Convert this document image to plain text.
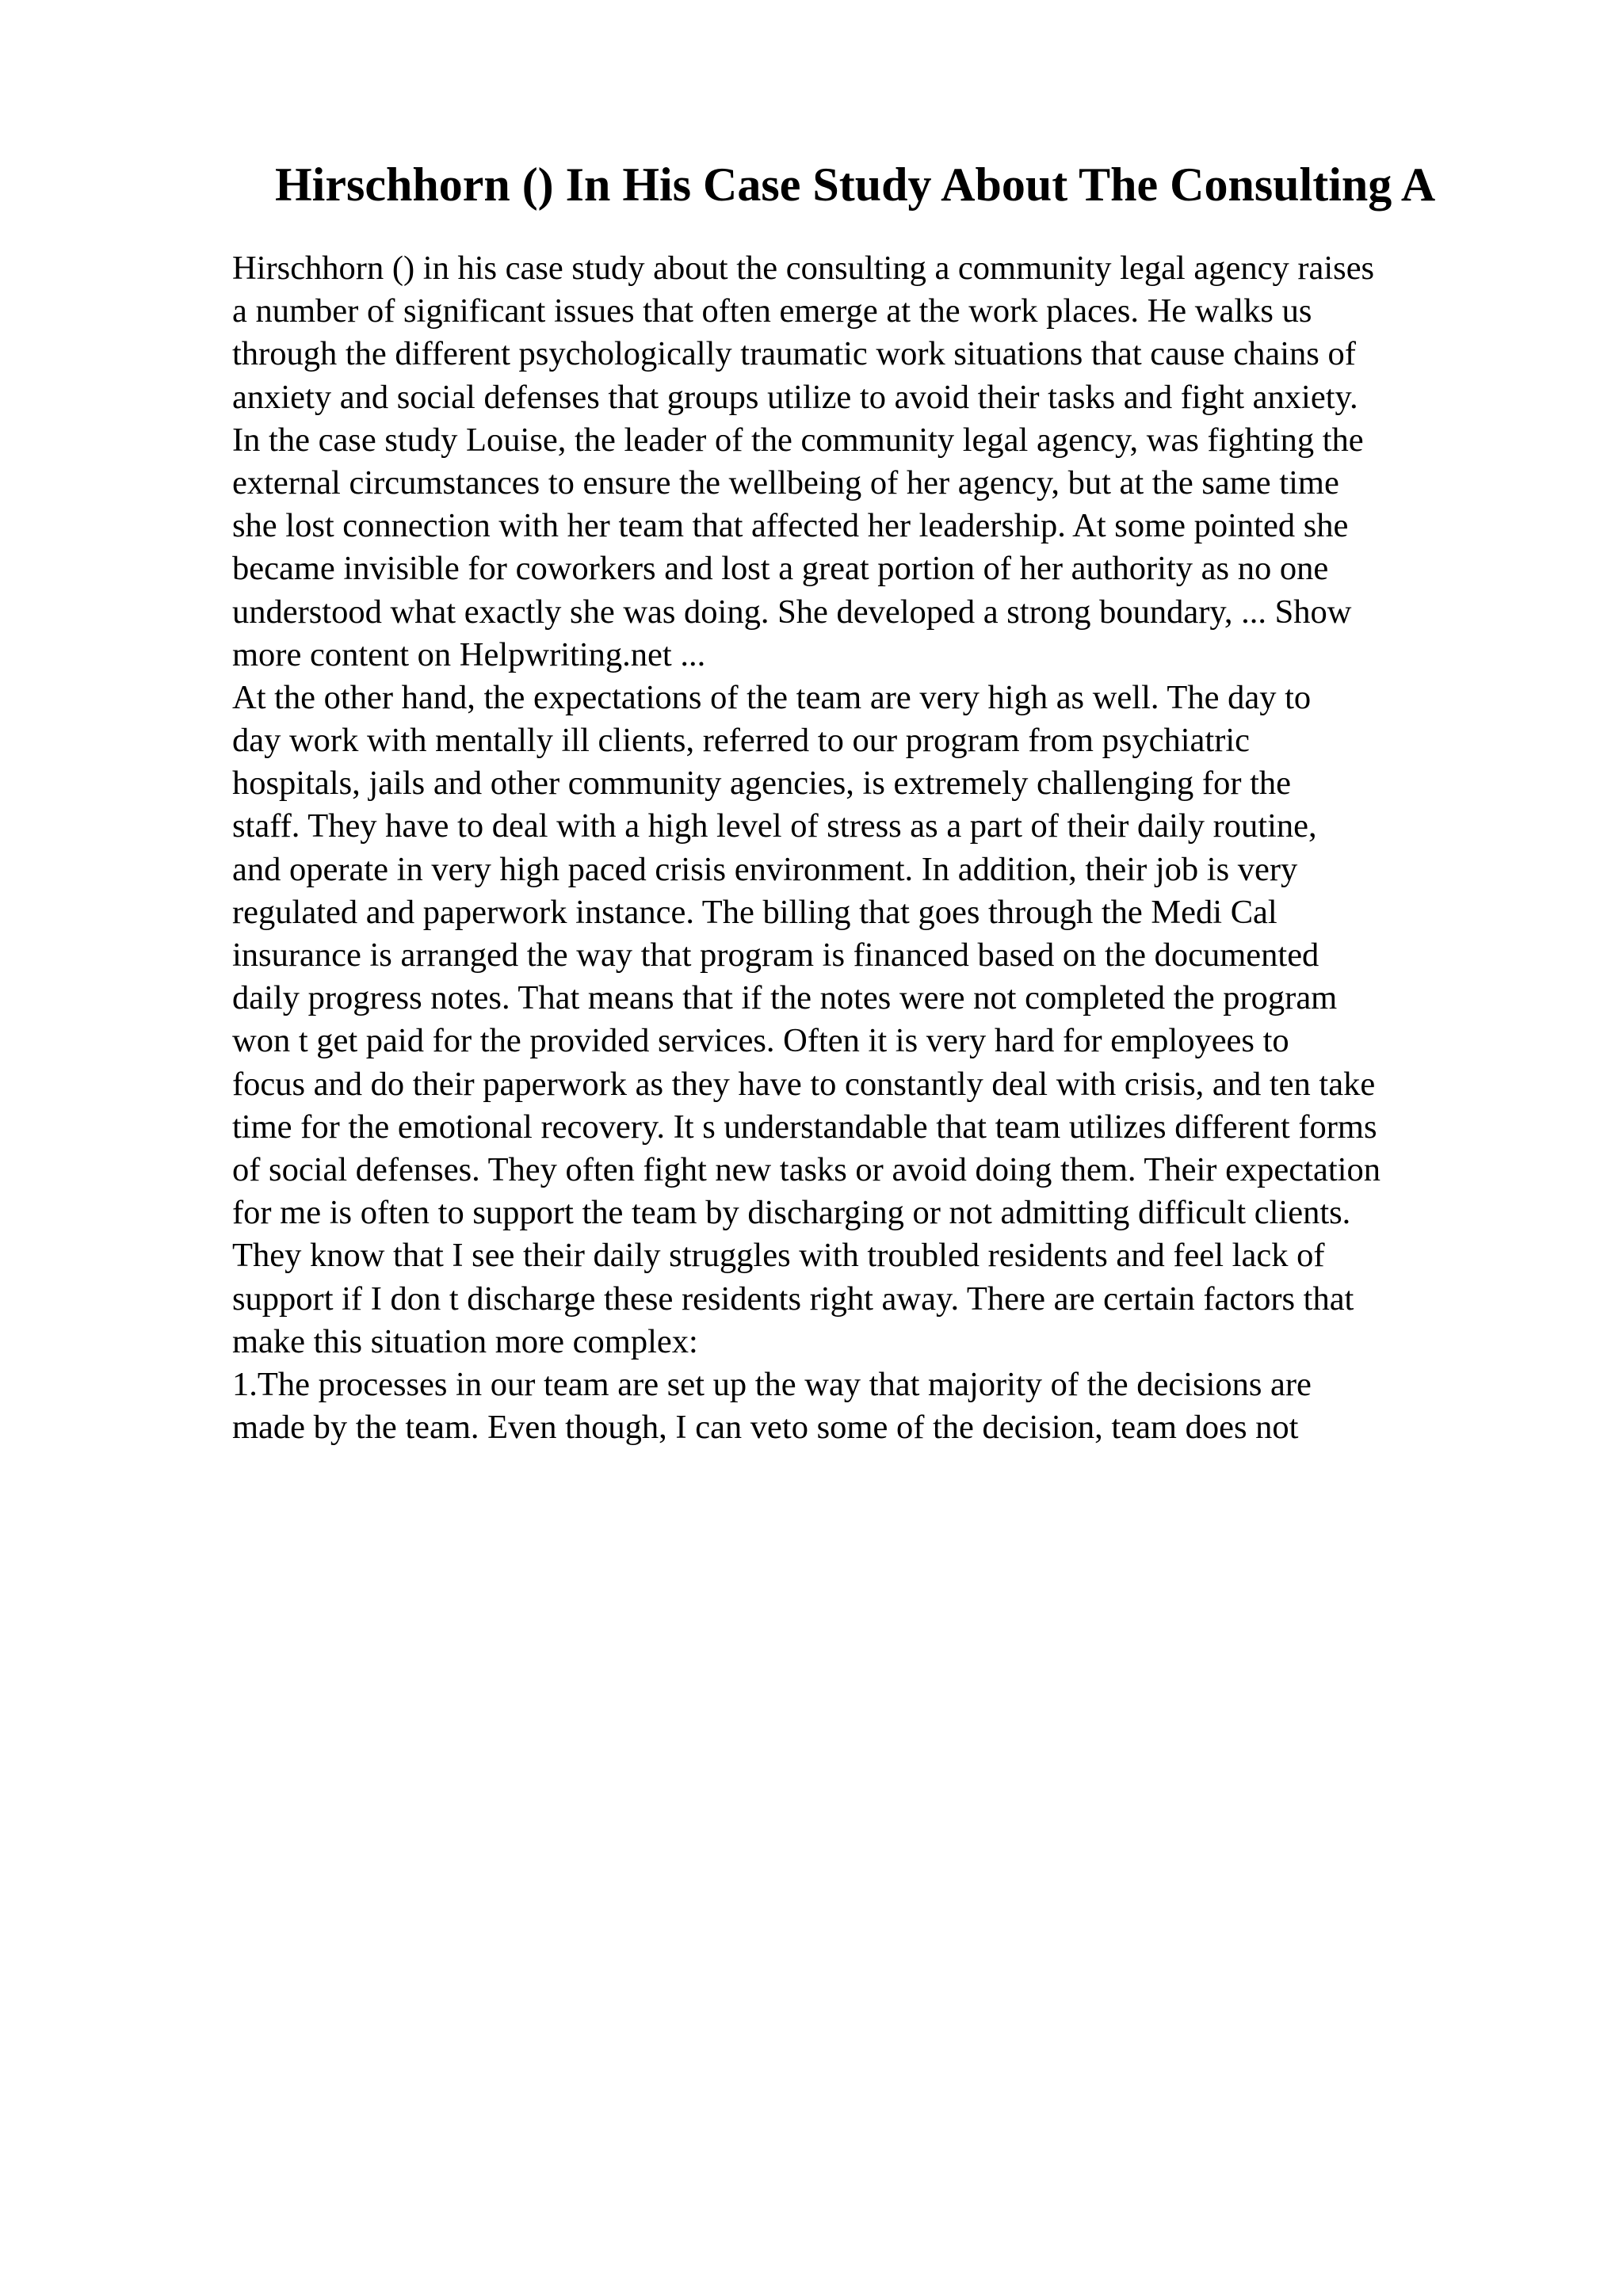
Hirschhorn () In His Case Study About The Consulting A
Hirschhorn () in his case study about the consulting a community legal agency raises
a number of significant issues that often emerge at the work places. He walks us
through the different psychologically traumatic work situations that cause chains of
anxiety and social defenses that groups utilize to avoid their tasks and fight anxiety.
In the case study Louise, the leader of the community legal agency, was fighting the
external circumstances to ensure the wellbeing of her agency, but at the same time
she lost connection with her team that affected her leadership. At some pointed she
became invisible for coworkers and lost a great portion of her authority as no one
understood what exactly she was doing. She developed a strong boundary, ... Show
more content on Helpwriting.net ...
At the other hand, the expectations of the team are very high as well. The day to
day work with mentally ill clients, referred to our program from psychiatric
hospitals, jails and other community agencies, is extremely challenging for the
staff. They have to deal with a high level of stress as a part of their daily routine,
and operate in very high paced crisis environment. In addition, their job is very
regulated and paperwork instance. The billing that goes through the Medi Cal
insurance is arranged the way that program is financed based on the documented
daily progress notes. That means that if the notes were not completed the program
won t get paid for the provided services. Often it is very hard for employees to
focus and do their paperwork as they have to constantly deal with crisis, and ten take
time for the emotional recovery. It s understandable that team utilizes different forms
of social defenses. They often fight new tasks or avoid doing them. Their expectation
for me is often to support the team by discharging or not admitting difficult clients.
They know that I see their daily struggles with troubled residents and feel lack of
support if I don t discharge these residents right away. There are certain factors that
make this situation more complex:
1.The processes in our team are set up the way that majority of the decisions are
made by the team. Even though, I can veto some of the decision, team does not
